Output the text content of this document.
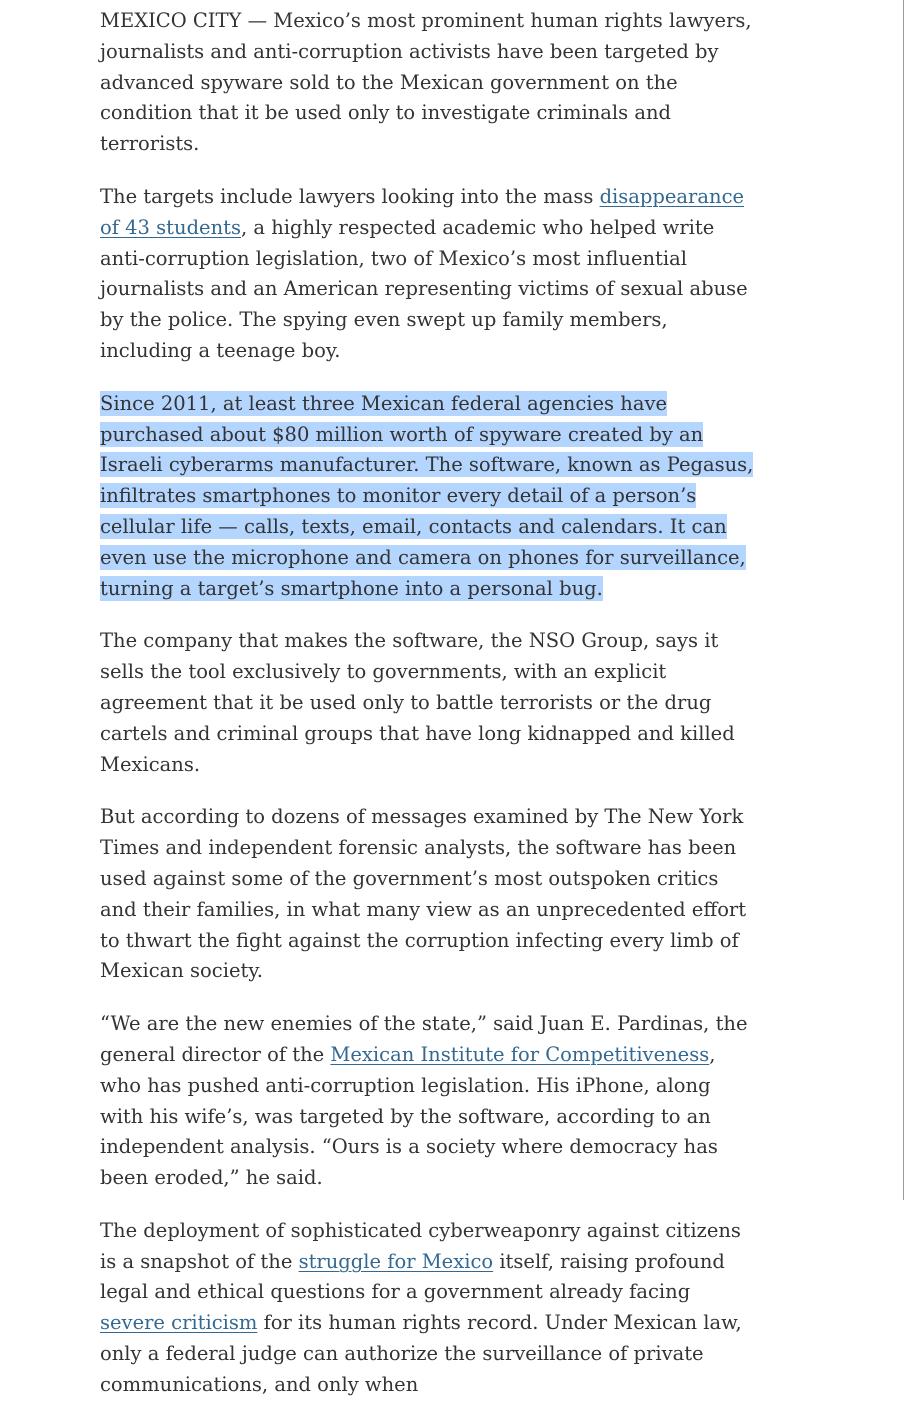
MEXICO CITY — Mexico’s most prominent human rights lawyers, journalists and anti-corruption activists have been targeted by advanced spyware sold to the Mexican government on the condition that it be used only to investigate criminals and terrorists.

The targets include lawyers looking into the mass disappearance of 43 students, a highly respected academic who helped write anti-corruption legislation, two of Mexico’s most influential journalists and an American representing victims of sexual abuse by the police. The spying even swept up family members, including a teenage boy.

Since 2011, at least three Mexican federal agencies have purchased about $80 million worth of spyware created by an Israeli cyberarms manufacturer. The software, known as Pegasus, infiltrates smartphones to monitor every detail of a person’s cellular life — calls, texts, email, contacts and calendars. It can even use the microphone and camera on phones for surveillance, turning a target’s smartphone into a personal bug.

The company that makes the software, the NSO Group, says it sells the tool exclusively to governments, with an explicit agreement that it be used only to battle terrorists or the drug cartels and criminal groups that have long kidnapped and killed Mexicans.

But according to dozens of messages examined by The New York Times and independent forensic analysts, the software has been used against some of the government’s most outspoken critics and their families, in what many view as an unprecedented effort to thwart the fight against the corruption infecting every limb of Mexican society.

“We are the new enemies of the state,” said Juan E. Pardinas, the general director of the Mexican Institute for Competitiveness, who has pushed anti-corruption legislation. His iPhone, along with his wife’s, was targeted by the software, according to an independent analysis. “Ours is a society where democracy has been eroded,” he said.

The deployment of sophisticated cyberweaponry against citizens is a snapshot of the struggle for Mexico itself, raising profound legal and ethical questions for a government already facing severe criticism for its human rights record. Under Mexican law, only a federal judge can authorize the surveillance of private communications, and only when
